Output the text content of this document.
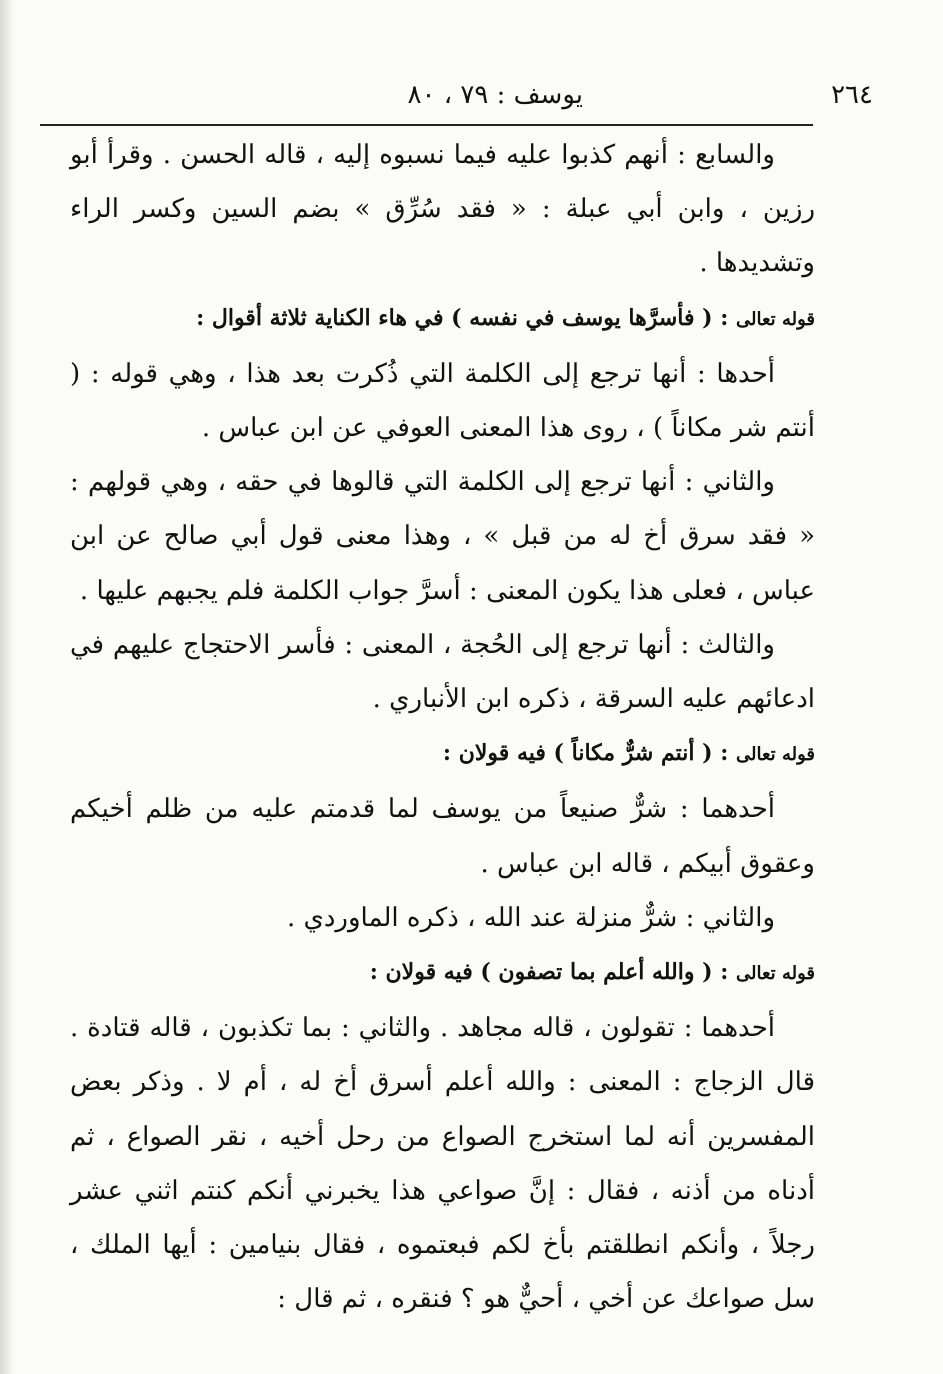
٢٦٤
يوسف : ٧٩ ، ٨٠

والسابع : أنهم كذبوا عليه فيما نسبوه إليه ، قاله الحسن . وقرأ أبو رزين ، وابن أبي عبلة : « فقد سُرِّق » بضم السين وكسر الراء وتشديدها .

قوله تعالى : ( فأسرَّها يوسف في نفسه ) في هاء الكناية ثلاثة أقوال :

أحدها : أنها ترجع إلى الكلمة التي ذُكرت بعد هذا ، وهي قوله : ( أنتم شر مكاناً ) ، روى هذا المعنى العوفي عن ابن عباس .

والثاني : أنها ترجع إلى الكلمة التي قالوها في حقه ، وهي قولهم : « فقد سرق أخ له من قبل » ، وهذا معنى قول أبي صالح عن ابن عباس ، فعلى هذا يكون المعنى : أسرَّ جواب الكلمة فلم يجبهم عليها .

والثالث : أنها ترجع إلى الحُجة ، المعنى : فأسر الاحتجاج عليهم في ادعائهم عليه السرقة ، ذكره ابن الأنباري .

قوله تعالى : ( أنتم شرٌّ مكاناً ) فيه قولان :

أحدهما : شرٌّ صنيعاً من يوسف لما قدمتم عليه من ظلم أخيكم وعقوق أبيكم ، قاله ابن عباس .

والثاني : شرٌّ منزلة عند الله ، ذكره الماوردي .

قوله تعالى : ( والله أعلم بما تصفون ) فيه قولان :

أحدهما : تقولون ، قاله مجاهد . والثاني : بما تكذبون ، قاله قتادة . قال الزجاج : المعنى : والله أعلم أسرق أخ له ، أم لا . وذكر بعض المفسرين أنه لما استخرج الصواع من رحل أخيه ، نقر الصواع ، ثم أدناه من أذنه ، فقال : إنَّ صواعي هذا يخبرني أنكم كنتم اثني عشر رجلاً ، وأنكم انطلقتم بأخ لكم فبعتموه ، فقال بنيامين : أيها الملك ، سل صواعك عن أخي ، أحيٌّ هو ؟ فنقره ، ثم قال :
